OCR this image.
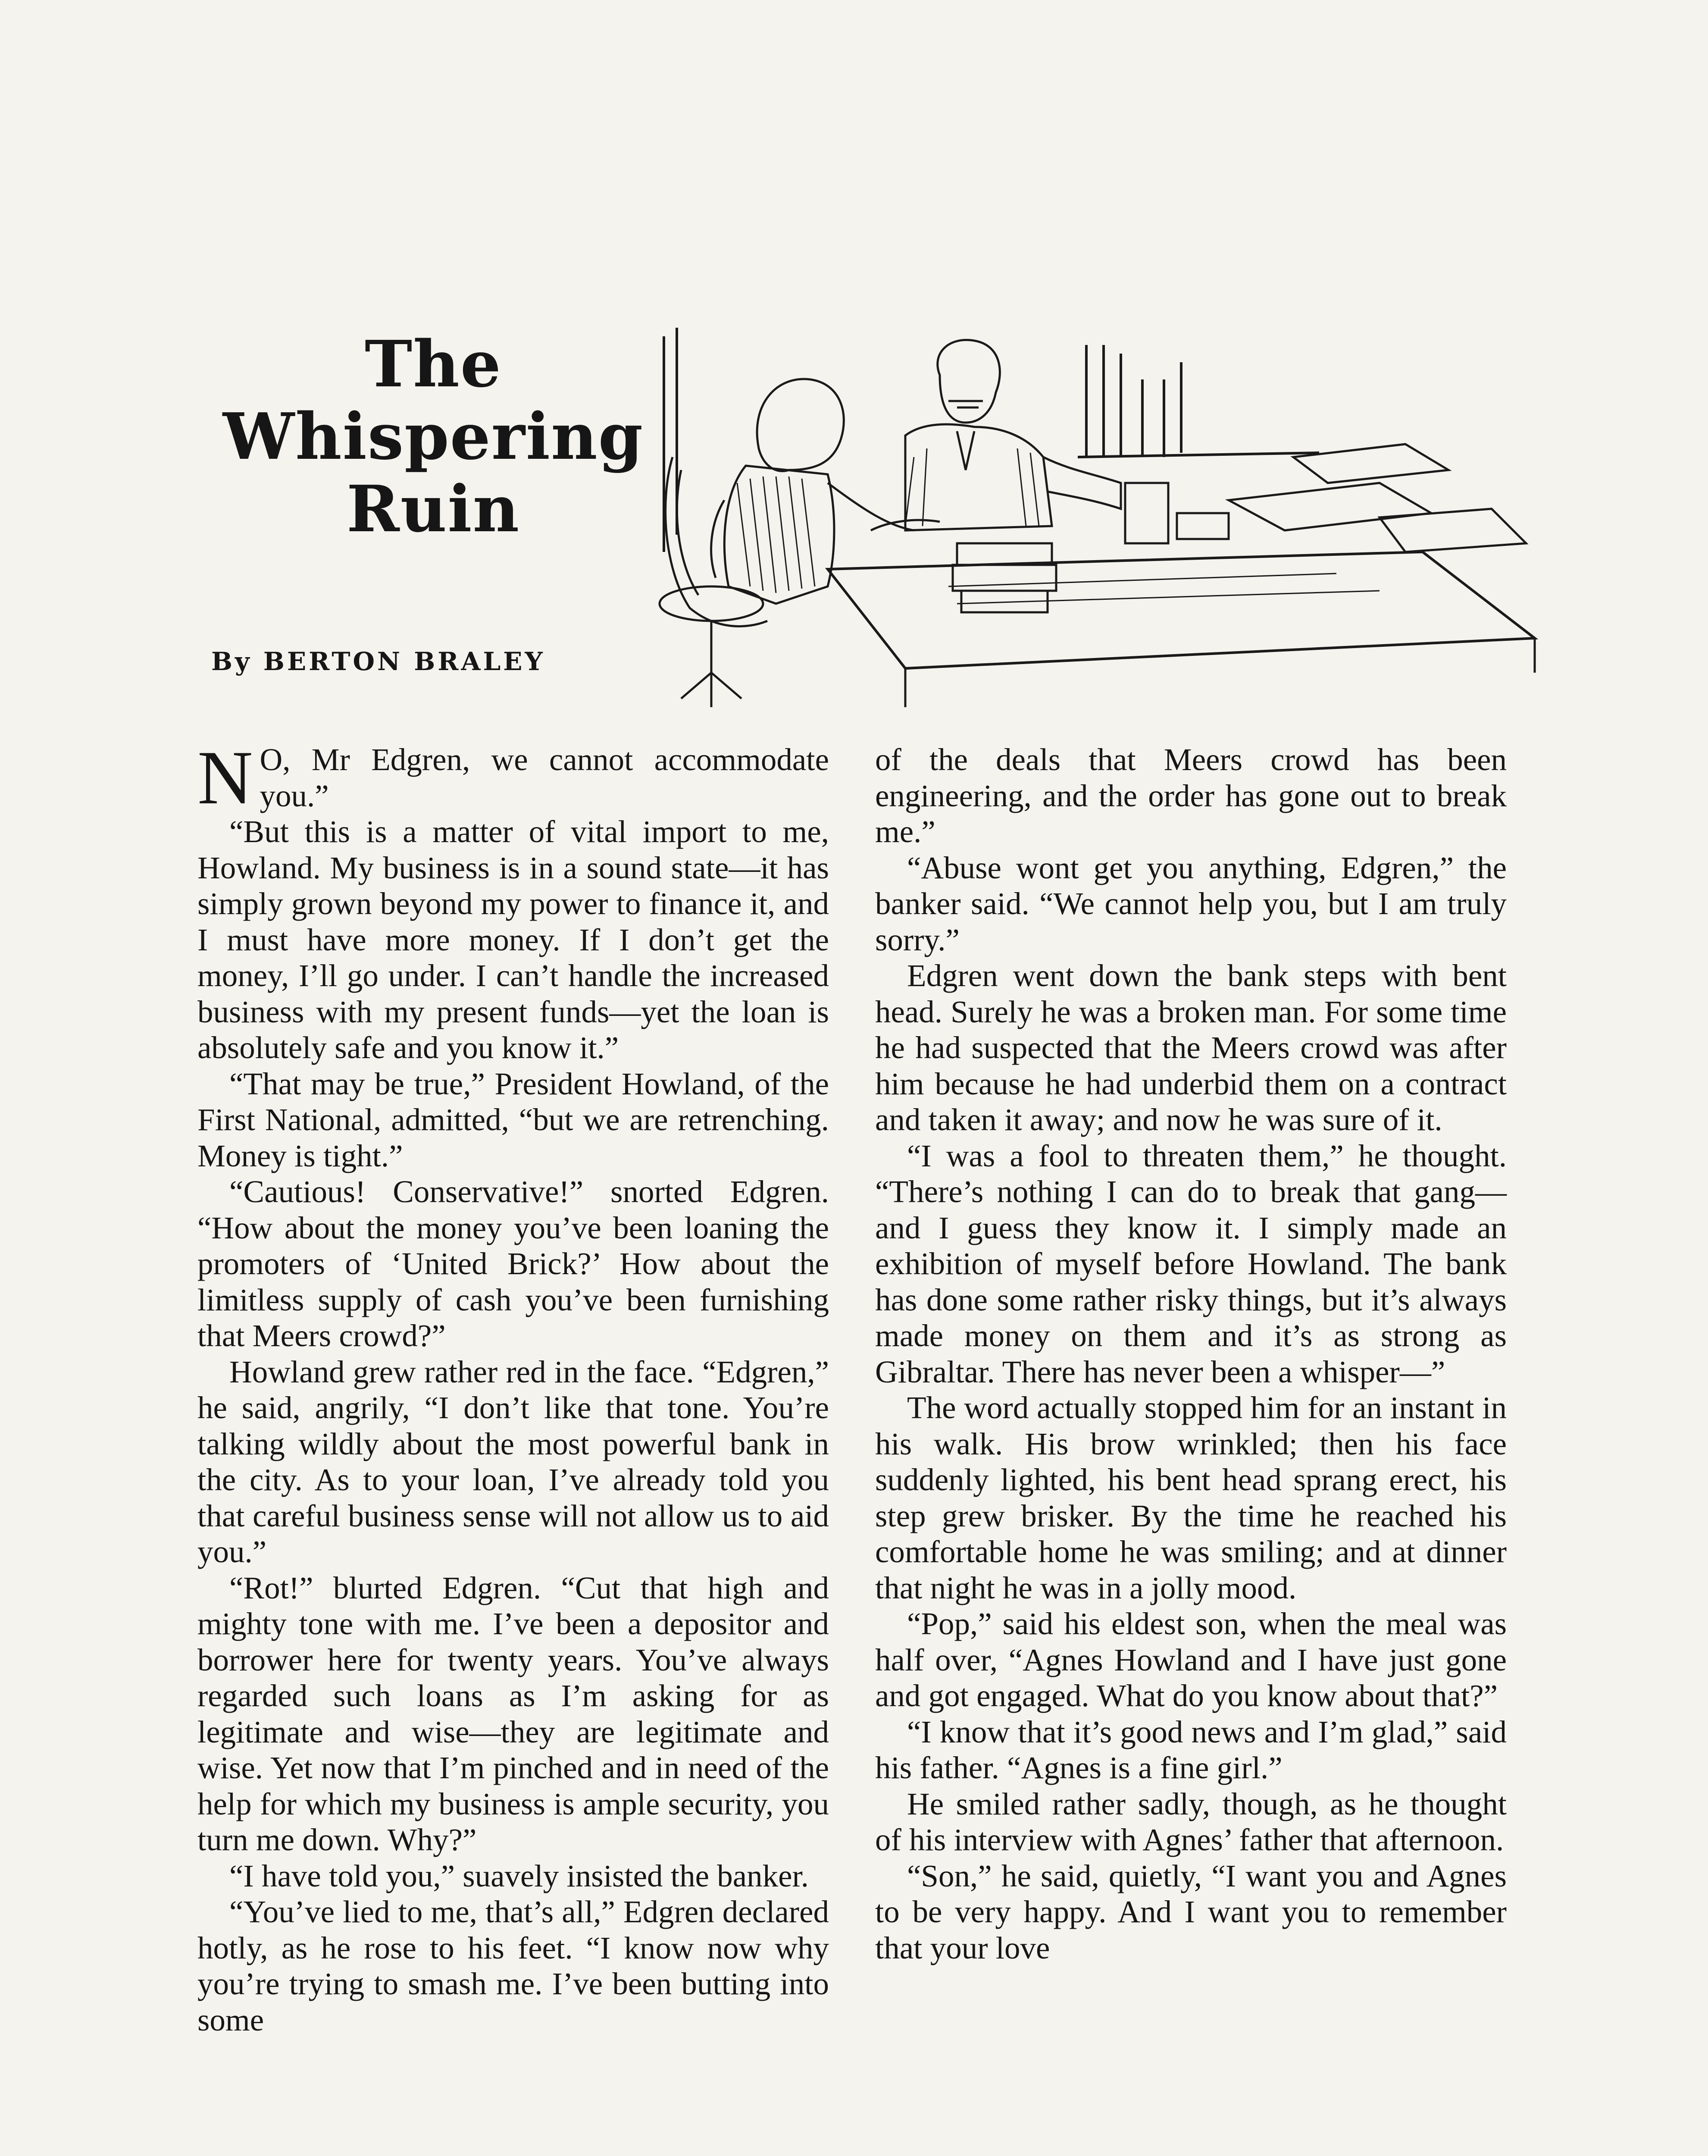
The
Whispering
Ruin
By BERTON BRALEY

N O, Mr Edgren, we cannot accommodate you.”

“But this is a matter of vital import to me, Howland. My business is in a sound state—it has simply grown beyond my power to finance it, and I must have more money. If I don’t get the money, I’ll go under. I can’t handle the increased business with my present funds—yet the loan is absolutely safe and you know it.”

“That may be true,” President Howland, of the First National, admitted, “but we are retrenching. Money is tight.”

“Cautious! Conservative!” snorted Edgren. “How about the money you’ve been loaning the promoters of ‘United Brick?’ How about the limitless supply of cash you’ve been furnishing that Meers crowd?”

Howland grew rather red in the face. “Edgren,” he said, angrily, “I don’t like that tone. You’re talking wildly about the most powerful bank in the city. As to your loan, I’ve already told you that careful business sense will not allow us to aid you.”

“Rot!” blurted Edgren. “Cut that high and mighty tone with me. I’ve been a depositor and borrower here for twenty years. You’ve always regarded such loans as I’m asking for as legitimate and wise—they are legitimate and wise. Yet now that I’m pinched and in need of the help for which my business is ample security, you turn me down. Why?”

“I have told you,” suavely insisted the banker.

“You’ve lied to me, that’s all,” Edgren declared hotly, as he rose to his feet. “I know now why you’re trying to smash me. I’ve been butting into some

of the deals that Meers crowd has been engineering, and the order has gone out to break me.”

“Abuse wont get you anything, Edgren,” the banker said. “We cannot help you, but I am truly sorry.”

Edgren went down the bank steps with bent head. Surely he was a broken man. For some time he had suspected that the Meers crowd was after him because he had underbid them on a contract and taken it away; and now he was sure of it.

“I was a fool to threaten them,” he thought. “There’s nothing I can do to break that gang—and I guess they know it. I simply made an exhibition of myself before Howland. The bank has done some rather risky things, but it’s always made money on them and it’s as strong as Gibraltar. There has never been a whisper—”

The word actually stopped him for an instant in his walk. His brow wrinkled; then his face suddenly lighted, his bent head sprang erect, his step grew brisker. By the time he reached his comfortable home he was smiling; and at dinner that night he was in a jolly mood.

“Pop,” said his eldest son, when the meal was half over, “Agnes Howland and I have just gone and got engaged. What do you know about that?”

“I know that it’s good news and I’m glad,” said his father. “Agnes is a fine girl.”

He smiled rather sadly, though, as he thought of his interview with Agnes’ father that afternoon.

“Son,” he said, quietly, “I want you and Agnes to be very happy. And I want you to remember that your love
